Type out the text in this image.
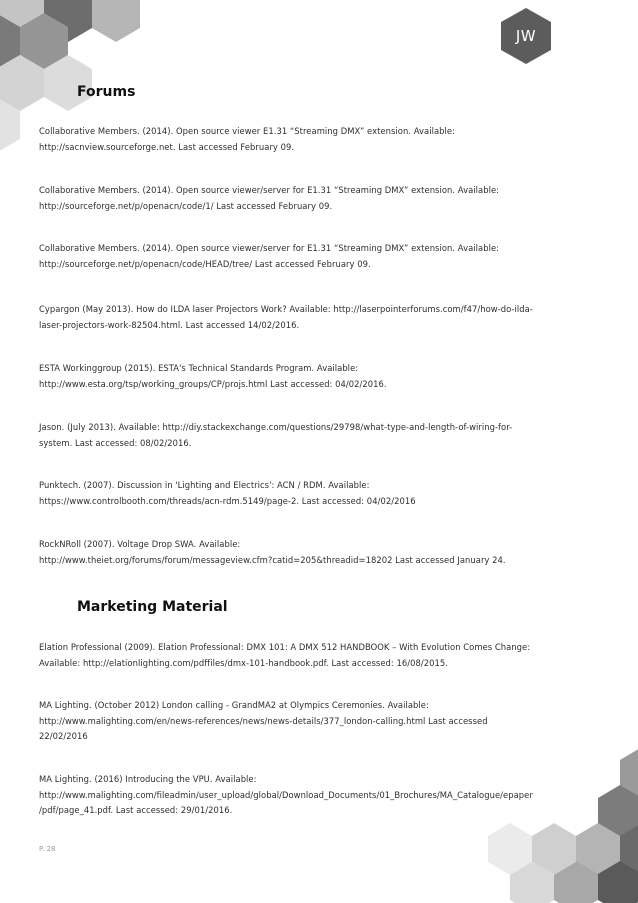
JW
Forums
Collaborative Members. (2014). Open source viewer E1.31 “Streaming DMX” extension. Available:
http://sacnview.sourceforge.net. Last accessed February 09.
Collaborative Members. (2014). Open source viewer/server for E1.31 “Streaming DMX” extension. Available:
http://sourceforge.net/p/openacn/code/1/ Last accessed February 09.
Collaborative Members. (2014). Open source viewer/server for E1.31 “Streaming DMX” extension. Available:
http://sourceforge.net/p/openacn/code/HEAD/tree/ Last accessed February 09.
Cypargon (May 2013). How do ILDA laser Projectors Work? Available: http://laserpointerforums.com/f47/how-do-ilda-
laser-projectors-work-82504.html. Last accessed 14/02/2016.
ESTA Workinggroup (2015). ESTA's Technical Standards Program. Available:
http://www.esta.org/tsp/working_groups/CP/projs.html Last accessed: 04/02/2016.
Jason. (July 2013). Available: http://diy.stackexchange.com/questions/29798/what-type-and-length-of-wiring-for-
system. Last accessed: 08/02/2016.
Punktech. (2007). Discussion in 'Lighting and Electrics': ACN / RDM. Available:
https://www.controlbooth.com/threads/acn-rdm.5149/page-2. Last accessed: 04/02/2016
RockNRoll (2007). Voltage Drop SWA. Available:
http://www.theiet.org/forums/forum/messageview.cfm?catid=205&threadid=18202 Last accessed January 24.
Marketing Material
Elation Professional (2009). Elation Professional: DMX 101: A DMX 512 HANDBOOK – With Evolution Comes Change:
Available: http://elationlighting.com/pdffiles/dmx-101-handbook.pdf. Last accessed: 16/08/2015.
MA Lighting. (October 2012) London calling - GrandMA2 at Olympics Ceremonies. Available:
http://www.malighting.com/en/news-references/news/news-details/377_london-calling.html Last accessed
22/02/2016
MA Lighting. (2016) Introducing the VPU. Available:
http://www.malighting.com/fileadmin/user_upload/global/Download_Documents/01_Brochures/MA_Catalogue/epaper
/pdf/page_41.pdf. Last accessed: 29/01/2016.
P. 28
